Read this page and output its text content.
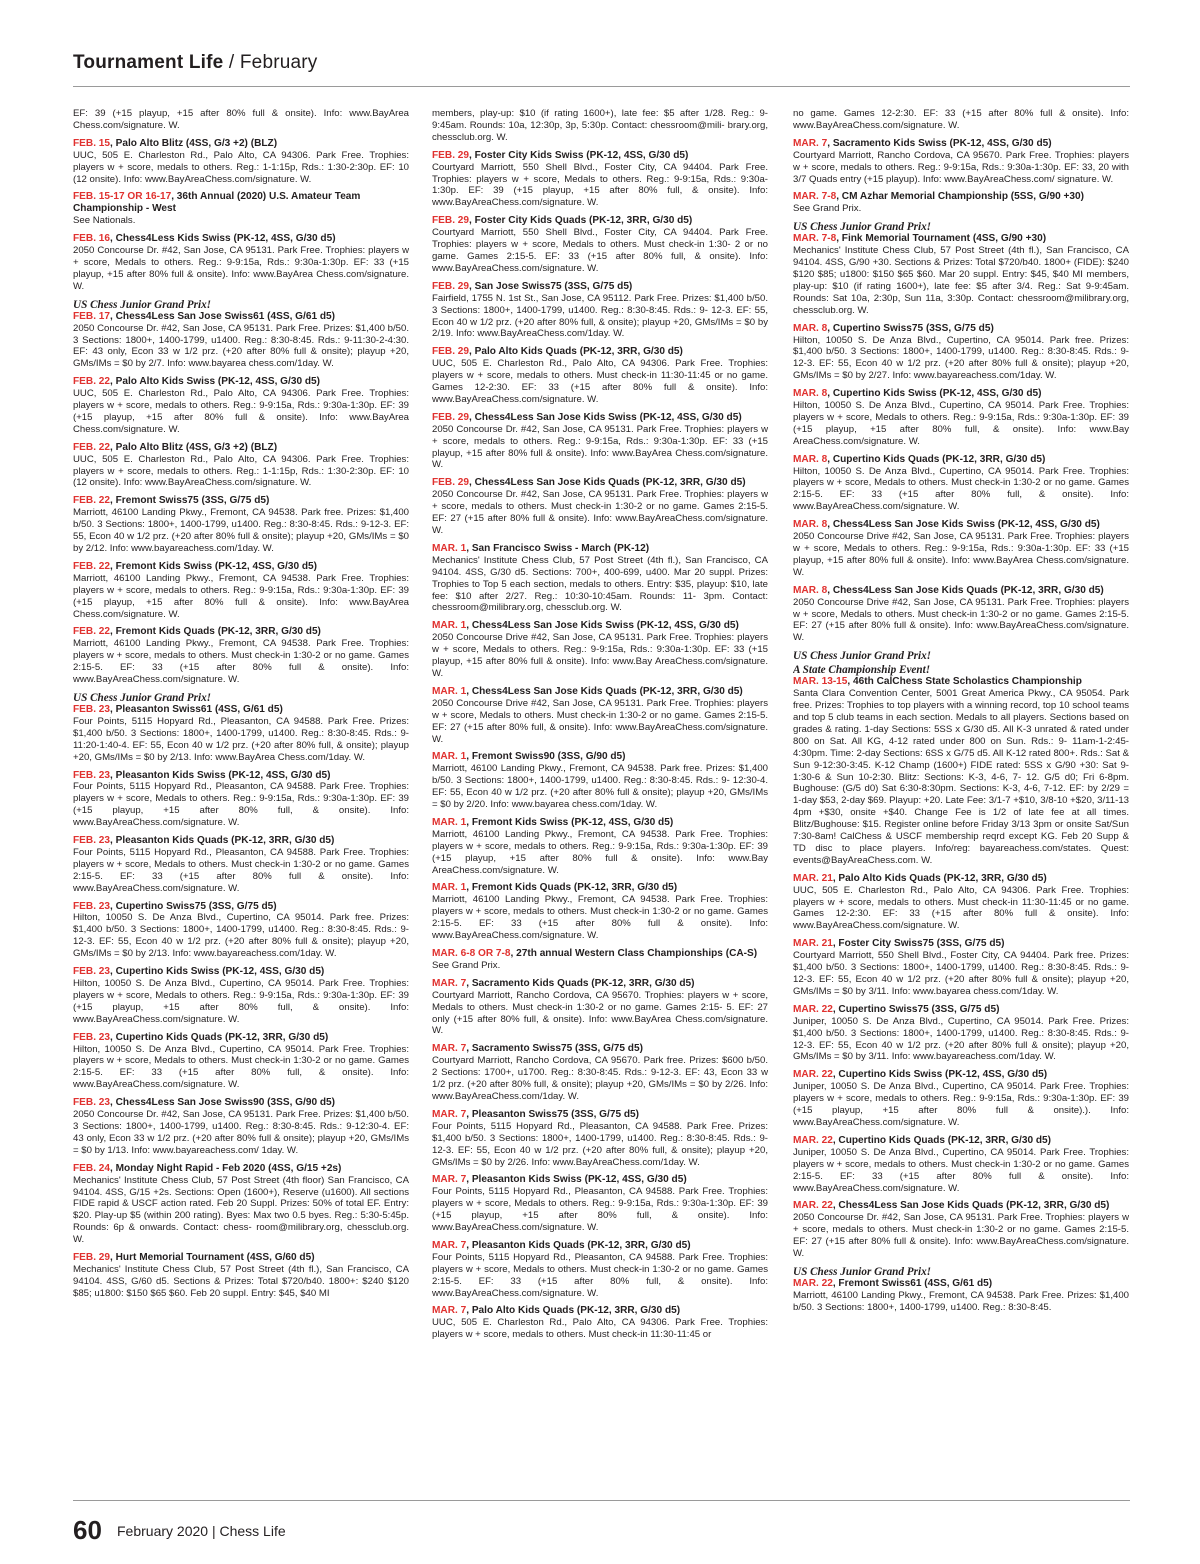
Tournament Life / February
EF: 39 (+15 playup, +15 after 80% full & onsite). Info: www.BayArea Chess.com/signature. W.
FEB. 15, Palo Alto Blitz (4SS, G/3 +2) (BLZ)
UUC, 505 E. Charleston Rd., Palo Alto, CA 94306. Park Free. Trophies: players w + score, medals to others. Reg.: 1-1:15p, Rds.: 1:30-2:30p. EF: 10 (12 onsite). Info: www.BayAreaChess.com/signature. W.
FEB. 15-17 OR 16-17, 36th Annual (2020) U.S. Amateur Team Championship - West
See Nationals.
FEB. 16, Chess4Less Kids Swiss (PK-12, 4SS, G/30 d5)
2050 Concourse Dr. #42, San Jose, CA 95131. Park Free. Trophies: players w + score, Medals to others. Reg.: 9-9:15a, Rds.: 9:30a-1:30p. EF: 33 (+15 playup, +15 after 80% full & onsite). Info: www.BayArea Chess.com/signature. W.
US Chess Junior Grand Prix!
FEB. 17, Chess4Less San Jose Swiss61 (4SS, G/61 d5)
2050 Concourse Dr. #42, San Jose, CA 95131. Park Free. Prizes: $1,400 b/50. 3 Sections: 1800+, 1400-1799, u1400. Reg.: 8:30-8:45. Rds.: 9-11:30-2-4:30. EF: 43 only, Econ 33 w 1/2 prz. (+20 after 80% full & onsite); playup +20, GMs/IMs = $0 by 2/7. Info: www.bayarea chess.com/1day. W.
FEB. 22, Palo Alto Kids Swiss (PK-12, 4SS, G/30 d5)
UUC, 505 E. Charleston Rd., Palo Alto, CA 94306. Park Free. Trophies: players w + score, medals to others. Reg.: 9-9:15a, Rds.: 9:30a-1:30p. EF: 39 (+15 playup, +15 after 80% full & onsite). Info: www.BayArea Chess.com/signature. W.
FEB. 22, Palo Alto Blitz (4SS, G/3 +2) (BLZ)
UUC, 505 E. Charleston Rd., Palo Alto, CA 94306. Park Free. Trophies: players w + score, medals to others. Reg.: 1-1:15p, Rds.: 1:30-2:30p. EF: 10 (12 onsite). Info: www.BayAreaChess.com/signature. W.
FEB. 22, Fremont Swiss75 (3SS, G/75 d5)
Marriott, 46100 Landing Pkwy., Fremont, CA 94538. Park free. Prizes: $1,400 b/50. 3 Sections: 1800+, 1400-1799, u1400. Reg.: 8:30-8:45. Rds.: 9-12-3. EF: 55, Econ 40 w 1/2 prz. (+20 after 80% full & onsite); playup +20, GMs/IMs = $0 by 2/12. Info: www.bayareachess.com/1day. W.
FEB. 22, Fremont Kids Swiss (PK-12, 4SS, G/30 d5)
Marriott, 46100 Landing Pkwy., Fremont, CA 94538. Park Free. Trophies: players w + score, medals to others. Reg.: 9-9:15a, Rds.: 9:30a-1:30p. EF: 39 (+15 playup, +15 after 80% full & onsite). Info: www.BayArea Chess.com/signature. W.
FEB. 22, Fremont Kids Quads (PK-12, 3RR, G/30 d5)
Marriott, 46100 Landing Pkwy., Fremont, CA 94538. Park Free. Trophies: players w + score, medals to others. Must check-in 1:30-2 or no game. Games 2:15-5. EF: 33 (+15 after 80% full & onsite). Info: www.BayAreaChess.com/signature. W.
US Chess Junior Grand Prix!
FEB. 23, Pleasanton Swiss61 (4SS, G/61 d5)
Four Points, 5115 Hopyard Rd., Pleasanton, CA 94588. Park Free. Prizes: $1,400 b/50. 3 Sections: 1800+, 1400-1799, u1400. Reg.: 8:30-8:45. Rds.: 9-11:20-1:40-4. EF: 55, Econ 40 w 1/2 prz. (+20 after 80% full, & onsite); playup +20, GMs/IMs = $0 by 2/13. Info: www.BayArea Chess.com/1day. W.
FEB. 23, Pleasanton Kids Swiss (PK-12, 4SS, G/30 d5)
Four Points, 5115 Hopyard Rd., Pleasanton, CA 94588. Park Free. Trophies: players w + score, Medals to others. Reg.: 9-9:15a, Rds.: 9:30a-1:30p. EF: 39 (+15 playup, +15 after 80% full, & onsite). Info: www.BayAreaChess.com/signature. W.
FEB. 23, Pleasanton Kids Quads (PK-12, 3RR, G/30 d5)
Four Points, 5115 Hopyard Rd., Pleasanton, CA 94588. Park Free. Trophies: players w + score, Medals to others. Must check-in 1:30-2 or no game. Games 2:15-5. EF: 33 (+15 after 80% full & onsite). Info: www.BayAreaChess.com/signature. W.
FEB. 23, Cupertino Swiss75 (3SS, G/75 d5)
Hilton, 10050 S. De Anza Blvd., Cupertino, CA 95014. Park free. Prizes: $1,400 b/50. 3 Sections: 1800+, 1400-1799, u1400. Reg.: 8:30-8:45. Rds.: 9-12-3. EF: 55, Econ 40 w 1/2 prz. (+20 after 80% full & onsite); playup +20, GMs/IMs = $0 by 2/13. Info: www.bayareachess.com/1day. W.
FEB. 23, Cupertino Kids Swiss (PK-12, 4SS, G/30 d5)
Hilton, 10050 S. De Anza Blvd., Cupertino, CA 95014. Park Free. Trophies: players w + score, Medals to others. Reg.: 9-9:15a, Rds.: 9:30a-1:30p. EF: 39 (+15 playup, +15 after 80% full, & onsite). Info: www.BayAreaChess.com/signature. W.
FEB. 23, Cupertino Kids Quads (PK-12, 3RR, G/30 d5)
Hilton, 10050 S. De Anza Blvd., Cupertino, CA 95014. Park Free. Trophies: players w + score, Medals to others. Must check-in 1:30-2 or no game. Games 2:15-5. EF: 33 (+15 after 80% full, & onsite). Info: www.BayAreaChess.com/signature. W.
FEB. 23, Chess4Less San Jose Swiss90 (3SS, G/90 d5)
2050 Concourse Dr. #42, San Jose, CA 95131. Park Free. Prizes: $1,400 b/50. 3 Sections: 1800+, 1400-1799, u1400. Reg.: 8:30-8:45. Rds.: 9-12:30-4. EF: 43 only, Econ 33 w 1/2 prz. (+20 after 80% full & onsite); playup +20, GMs/IMs = $0 by 1/13. Info: www.bayareachess.com/ 1day. W.
FEB. 24, Monday Night Rapid - Feb 2020 (4SS, G/15 +2s)
Mechanics' Institute Chess Club, 57 Post Street (4th floor) San Francisco, CA 94104. 4SS, G/15 +2s. Sections: Open (1600+), Reserve (u1600). All sections FIDE rapid & USCF action rated. Feb 20 Suppl. Prizes: 50% of total EF. Entry: $20. Play-up $5 (within 200 rating). Byes: Max two 0.5 byes. Reg.: 5:30-5:45p. Rounds: 6p & onwards. Contact: chess- room@milibrary.org, chessclub.org. W.
FEB. 29, Hurt Memorial Tournament (4SS, G/60 d5)
Mechanics' Institute Chess Club, 57 Post Street (4th fl.), San Francisco, CA 94104. 4SS, G/60 d5. Sections & Prizes: Total $720/b40. 1800+: $240 $120 $85; u1800: $150 $65 $60. Feb 20 suppl. Entry: $45, $40 MI
members, play-up: $10 (if rating 1600+), late fee: $5 after 1/28. Reg.: 9- 9:45am. Rounds: 10a, 12:30p, 3p, 5:30p. Contact: chessroom@mili- brary.org, chessclub.org. W.
FEB. 29, Foster City Kids Swiss (PK-12, 4SS, G/30 d5)
Courtyard Marriott, 550 Shell Blvd., Foster City, CA 94404. Park Free. Trophies: players w + score, Medals to others. Reg.: 9-9:15a, Rds.: 9:30a-1:30p. EF: 39 (+15 playup, +15 after 80% full, & onsite). Info: www.BayAreaChess.com/signature. W.
FEB. 29, Foster City Kids Quads (PK-12, 3RR, G/30 d5)
Courtyard Marriott, 550 Shell Blvd., Foster City, CA 94404. Park Free. Trophies: players w + score, Medals to others. Must check-in 1:30- 2 or no game. Games 2:15-5. EF: 33 (+15 after 80% full, & onsite). Info: www.BayAreaChess.com/signature. W.
FEB. 29, San Jose Swiss75 (3SS, G/75 d5)
Fairfield, 1755 N. 1st St., San Jose, CA 95112. Park Free. Prizes: $1,400 b/50. 3 Sections: 1800+, 1400-1799, u1400. Reg.: 8:30-8:45. Rds.: 9- 12-3. EF: 55, Econ 40 w 1/2 prz. (+20 after 80% full, & onsite); playup +20, GMs/IMs = $0 by 2/19. Info: www.BayAreaChess.com/1day. W.
FEB. 29, Palo Alto Kids Quads (PK-12, 3RR, G/30 d5)
UUC, 505 E. Charleston Rd., Palo Alto, CA 94306. Park Free. Trophies: players w + score, medals to others. Must check-in 11:30-11:45 or no game. Games 12-2:30. EF: 33 (+15 after 80% full & onsite). Info: www.BayAreaChess.com/signature. W.
FEB. 29, Chess4Less San Jose Kids Swiss (PK-12, 4SS, G/30 d5)
2050 Concourse Dr. #42, San Jose, CA 95131. Park Free. Trophies: players w + score, medals to others. Reg.: 9-9:15a, Rds.: 9:30a-1:30p. EF: 33 (+15 playup, +15 after 80% full & onsite). Info: www.BayArea Chess.com/signature. W.
FEB. 29, Chess4Less San Jose Kids Quads (PK-12, 3RR, G/30 d5)
2050 Concourse Dr. #42, San Jose, CA 95131. Park Free. Trophies: players w + score, medals to others. Must check-in 1:30-2 or no game. Games 2:15-5. EF: 27 (+15 after 80% full & onsite). Info: www.BayAreaChess.com/signature. W.
MAR. 1, San Francisco Swiss - March (PK-12)
Mechanics' Institute Chess Club, 57 Post Street (4th fl.), San Francisco, CA 94104. 4SS, G/30 d5. Sections: 700+, 400-699, u400. Mar 20 suppl. Prizes: Trophies to Top 5 each section, medals to others. Entry: $35, playup: $10, late fee: $10 after 2/27. Reg.: 10:30-10:45am. Rounds: 11- 3pm. Contact: chessroom@milibrary.org, chessclub.org. W.
MAR. 1, Chess4Less San Jose Kids Swiss (PK-12, 4SS, G/30 d5)
2050 Concourse Drive #42, San Jose, CA 95131. Park Free. Trophies: players w + score, Medals to others. Reg.: 9-9:15a, Rds.: 9:30a-1:30p. EF: 33 (+15 playup, +15 after 80% full & onsite). Info: www.Bay AreaChess.com/signature. W.
MAR. 1, Chess4Less San Jose Kids Quads (PK-12, 3RR, G/30 d5)
2050 Concourse Drive #42, San Jose, CA 95131. Park Free. Trophies: players w + score, Medals to others. Must check-in 1:30-2 or no game. Games 2:15-5. EF: 27 (+15 after 80% full, & onsite). Info: www.BayAreaChess.com/signature. W.
MAR. 1, Fremont Swiss90 (3SS, G/90 d5)
Marriott, 46100 Landing Pkwy., Fremont, CA 94538. Park free. Prizes: $1,400 b/50. 3 Sections: 1800+, 1400-1799, u1400. Reg.: 8:30-8:45. Rds.: 9- 12:30-4. EF: 55, Econ 40 w 1/2 prz. (+20 after 80% full & onsite); playup +20, GMs/IMs = $0 by 2/20. Info: www.bayarea chess.com/1day. W.
MAR. 1, Fremont Kids Swiss (PK-12, 4SS, G/30 d5)
Marriott, 46100 Landing Pkwy., Fremont, CA 94538. Park Free. Trophies: players w + score, medals to others. Reg.: 9-9:15a, Rds.: 9:30a-1:30p. EF: 39 (+15 playup, +15 after 80% full & onsite). Info: www.Bay AreaChess.com/signature. W.
MAR. 1, Fremont Kids Quads (PK-12, 3RR, G/30 d5)
Marriott, 46100 Landing Pkwy., Fremont, CA 94538. Park Free. Trophies: players w + score, medals to others. Must check-in 1:30-2 or no game. Games 2:15-5. EF: 33 (+15 after 80% full & onsite). Info: www.BayAreaChess.com/signature. W.
MAR. 6-8 OR 7-8, 27th annual Western Class Championships (CA-S)
See Grand Prix.
MAR. 7, Sacramento Kids Quads (PK-12, 3RR, G/30 d5)
Courtyard Marriott, Rancho Cordova, CA 95670. Trophies: players w + score, Medals to others. Must check-in 1:30-2 or no game. Games 2:15- 5. EF: 27 only (+15 after 80% full, & onsite). Info: www.BayArea Chess.com/signature. W.
MAR. 7, Sacramento Swiss75 (3SS, G/75 d5)
Courtyard Marriott, Rancho Cordova, CA 95670. Park free. Prizes: $600 b/50. 2 Sections: 1700+, u1700. Reg.: 8:30-8:45. Rds.: 9-12-3. EF: 43, Econ 33 w 1/2 prz. (+20 after 80% full, & onsite); playup +20, GMs/IMs = $0 by 2/26. Info: www.BayAreaChess.com/1day. W.
MAR. 7, Pleasanton Swiss75 (3SS, G/75 d5)
Four Points, 5115 Hopyard Rd., Pleasanton, CA 94588. Park Free. Prizes: $1,400 b/50. 3 Sections: 1800+, 1400-1799, u1400. Reg.: 8:30-8:45. Rds.: 9-12-3. EF: 55, Econ 40 w 1/2 prz. (+20 after 80% full, & onsite); playup +20, GMs/IMs = $0 by 2/26. Info: www.BayAreaChess.com/1day. W.
MAR. 7, Pleasanton Kids Swiss (PK-12, 4SS, G/30 d5)
Four Points, 5115 Hopyard Rd., Pleasanton, CA 94588. Park Free. Trophies: players w + score, Medals to others. Reg.: 9-9:15a, Rds.: 9:30a-1:30p. EF: 39 (+15 playup, +15 after 80% full, & onsite). Info: www.BayAreaChess.com/signature. W.
MAR. 7, Pleasanton Kids Quads (PK-12, 3RR, G/30 d5)
Four Points, 5115 Hopyard Rd., Pleasanton, CA 94588. Park Free. Trophies: players w + score, Medals to others. Must check-in 1:30-2 or no game. Games 2:15-5. EF: 33 (+15 after 80% full, & onsite). Info: www.BayAreaChess.com/signature. W.
MAR. 7, Palo Alto Kids Quads (PK-12, 3RR, G/30 d5)
UUC, 505 E. Charleston Rd., Palo Alto, CA 94306. Park Free. Trophies: players w + score, medals to others. Must check-in 11:30-11:45 or
no game. Games 12-2:30. EF: 33 (+15 after 80% full & onsite). Info: www.BayAreaChess.com/signature. W.
MAR. 7, Sacramento Kids Swiss (PK-12, 4SS, G/30 d5)
Courtyard Marriott, Rancho Cordova, CA 95670. Park Free. Trophies: players w + score, medals to others. Reg.: 9-9:15a, Rds.: 9:30a-1:30p. EF: 33, 20 with 3/7 Quads entry (+15 playup). Info: www.BayAreaChess.com/ signature. W.
MAR. 7-8, CM Azhar Memorial Championship (5SS, G/90 +30)
See Grand Prix.
US Chess Junior Grand Prix!
MAR. 7-8, Fink Memorial Tournament (4SS, G/90 +30)
Mechanics' Institute Chess Club, 57 Post Street (4th fl.), San Francisco, CA 94104. 4SS, G/90 +30. Sections & Prizes: Total $720/b40. 1800+ (FIDE): $240 $120 $85; u1800: $150 $65 $60. Mar 20 suppl. Entry: $45, $40 MI members, play-up: $10 (if rating 1600+), late fee: $5 after 3/4. Reg.: Sat 9-9:45am. Rounds: Sat 10a, 2:30p, Sun 11a, 3:30p. Contact: chessroom@milibrary.org, chessclub.org. W.
MAR. 8, Cupertino Swiss75 (3SS, G/75 d5)
Hilton, 10050 S. De Anza Blvd., Cupertino, CA 95014. Park free. Prizes: $1,400 b/50. 3 Sections: 1800+, 1400-1799, u1400. Reg.: 8:30-8:45. Rds.: 9-12-3. EF: 55, Econ 40 w 1/2 prz. (+20 after 80% full & onsite); playup +20, GMs/IMs = $0 by 2/27. Info: www.bayareachess.com/1day. W.
MAR. 8, Cupertino Kids Swiss (PK-12, 4SS, G/30 d5)
Hilton, 10050 S. De Anza Blvd., Cupertino, CA 95014. Park Free. Trophies: players w + score, Medals to others. Reg.: 9-9:15a, Rds.: 9:30a-1:30p. EF: 39 (+15 playup, +15 after 80% full, & onsite). Info: www.Bay AreaChess.com/signature. W.
MAR. 8, Cupertino Kids Quads (PK-12, 3RR, G/30 d5)
Hilton, 10050 S. De Anza Blvd., Cupertino, CA 95014. Park Free. Trophies: players w + score, Medals to others. Must check-in 1:30-2 or no game. Games 2:15-5. EF: 33 (+15 after 80% full, & onsite). Info: www.BayAreaChess.com/signature. W.
MAR. 8, Chess4Less San Jose Kids Swiss (PK-12, 4SS, G/30 d5)
2050 Concourse Drive #42, San Jose, CA 95131. Park Free. Trophies: players w + score, Medals to others. Reg.: 9-9:15a, Rds.: 9:30a-1:30p. EF: 33 (+15 playup, +15 after 80% full & onsite). Info: www.BayArea Chess.com/signature. W.
MAR. 8, Chess4Less San Jose Kids Quads (PK-12, 3RR, G/30 d5)
2050 Concourse Drive #42, San Jose, CA 95131. Park Free. Trophies: players w + score, Medals to others. Must check-in 1:30-2 or no game. Games 2:15-5. EF: 27 (+15 after 80% full & onsite). Info: www.BayAreaChess.com/signature. W.
US Chess Junior Grand Prix!
A State Championship Event!
MAR. 13-15, 46th CalChess State Scholastics Championship
Santa Clara Convention Center, 5001 Great America Pkwy., CA 95054. Park free. Prizes: Trophies to top players with a winning record, top 10 school teams and top 5 club teams in each section. Medals to all players. Sections based on grades & rating. 1-day Sections: 5SS x G/30 d5. All K-3 unrated & rated under 800 on Sat. All KG, 4-12 rated under 800 on Sun. Rds.: 9- 11am-1-2:45-4:30pm. Time: 2-day Sections: 6SS x G/75 d5. All K-12 rated 800+. Rds.: Sat & Sun 9-12:30-3:45. K-12 Champ (1600+) FIDE rated: 5SS x G/90 +30: Sat 9-1:30-6 & Sun 10-2:30. Blitz: Sections: K-3, 4-6, 7- 12. G/5 d0; Fri 6-8pm. Bughouse: (G/5 d0) Sat 6:30-8:30pm. Sections: K-3, 4-6, 7-12. EF: by 2/29 = 1-day $53, 2-day $69. Playup: +20. Late Fee: 3/1-7 +$10, 3/8-10 +$20, 3/11-13 4pm +$30, onsite +$40. Change Fee is 1/2 of late fee at all times. Blitz/Bughouse: $15. Register online before Friday 3/13 3pm or onsite Sat/Sun 7:30-8am! CalChess & USCF membership reqrd except KG. Feb 20 Supp & TD disc to place players. Info/reg: bayareachess.com/states. Quest: events@BayAreaChess.com. W.
MAR. 21, Palo Alto Kids Quads (PK-12, 3RR, G/30 d5)
UUC, 505 E. Charleston Rd., Palo Alto, CA 94306. Park Free. Trophies: players w + score, medals to others. Must check-in 11:30-11:45 or no game. Games 12-2:30. EF: 33 (+15 after 80% full & onsite). Info: www.BayAreaChess.com/signature. W.
MAR. 21, Foster City Swiss75 (3SS, G/75 d5)
Courtyard Marriott, 550 Shell Blvd., Foster City, CA 94404. Park free. Prizes: $1,400 b/50. 3 Sections: 1800+, 1400-1799, u1400. Reg.: 8:30-8:45. Rds.: 9-12-3. EF: 55, Econ 40 w 1/2 prz. (+20 after 80% full & onsite); playup +20, GMs/IMs = $0 by 3/11. Info: www.bayarea chess.com/1day. W.
MAR. 22, Cupertino Swiss75 (3SS, G/75 d5)
Juniper, 10050 S. De Anza Blvd., Cupertino, CA 95014. Park Free. Prizes: $1,400 b/50. 3 Sections: 1800+, 1400-1799, u1400. Reg.: 8:30-8:45. Rds.: 9-12-3. EF: 55, Econ 40 w 1/2 prz. (+20 after 80% full & onsite); playup +20, GMs/IMs = $0 by 3/11. Info: www.bayareachess.com/1day. W.
MAR. 22, Cupertino Kids Swiss (PK-12, 4SS, G/30 d5)
Juniper, 10050 S. De Anza Blvd., Cupertino, CA 95014. Park Free. Trophies: players w + score, medals to others. Reg.: 9-9:15a, Rds.: 9:30a-1:30p. EF: 39 (+15 playup, +15 after 80% full & onsite).). Info: www.BayAreaChess.com/signature. W.
MAR. 22, Cupertino Kids Quads (PK-12, 3RR, G/30 d5)
Juniper, 10050 S. De Anza Blvd., Cupertino, CA 95014. Park Free. Trophies: players w + score, medals to others. Must check-in 1:30-2 or no game. Games 2:15-5. EF: 33 (+15 after 80% full & onsite). Info: www.BayAreaChess.com/signature. W.
MAR. 22, Chess4Less San Jose Kids Quads (PK-12, 3RR, G/30 d5)
2050 Concourse Dr. #42, San Jose, CA 95131. Park Free. Trophies: players w + score, medals to others. Must check-in 1:30-2 or no game. Games 2:15-5. EF: 27 (+15 after 80% full & onsite). Info: www.BayAreaChess.com/signature. W.
US Chess Junior Grand Prix!
MAR. 22, Fremont Swiss61 (4SS, G/61 d5)
Marriott, 46100 Landing Pkwy., Fremont, CA 94538. Park Free. Prizes: $1,400 b/50. 3 Sections: 1800+, 1400-1799, u1400. Reg.: 8:30-8:45.
60 February 2020 | Chess Life
